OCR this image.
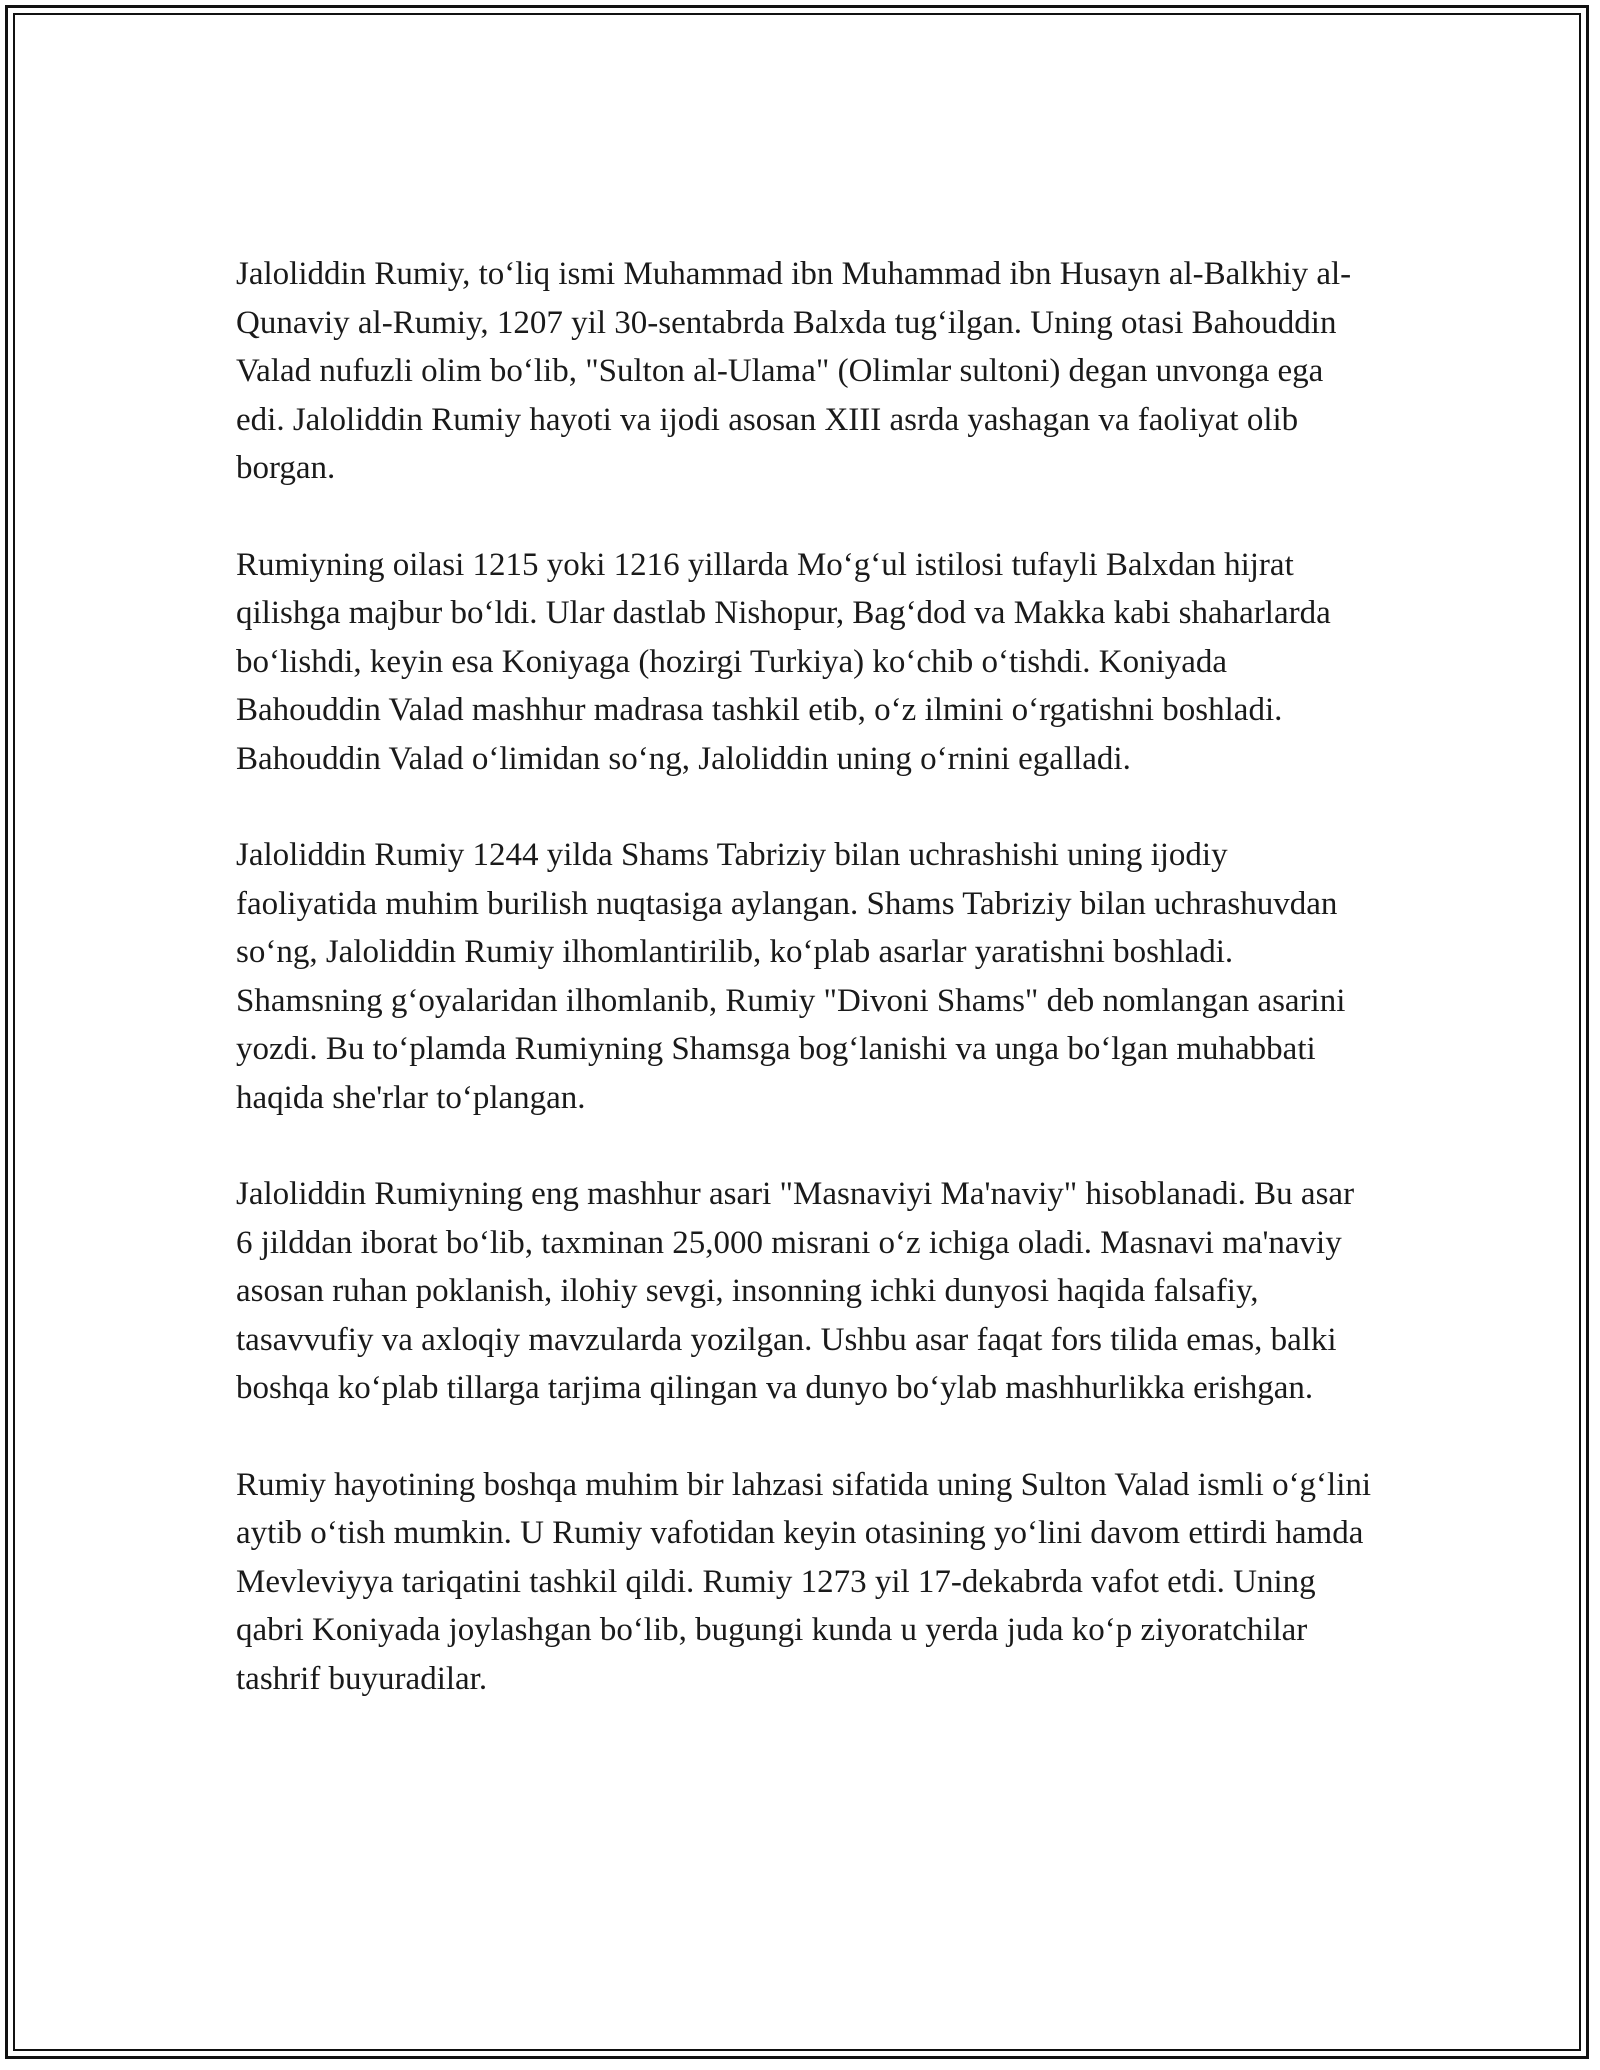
Jaloliddin Rumiy, to‘liq ismi Muhammad ibn Muhammad ibn Husayn al-Balkhiy al-Qunaviy al-Rumiy, 1207 yil 30-sentabrda Balxda tug‘ilgan. Uning otasi Bahouddin Valad nufuzli olim bo‘lib, "Sulton al-Ulama" (Olimlar sultoni) degan unvonga ega edi. Jaloliddin Rumiy hayoti va ijodi asosan XIII asrda yashagan va faoliyat olib borgan.

Rumiyning oilasi 1215 yoki 1216 yillarda Mo‘g‘ul istilosi tufayli Balxdan hijrat qilishga majbur bo‘ldi. Ular dastlab Nishopur, Bag‘dod va Makka kabi shaharlarda bo‘lishdi, keyin esa Koniyaga (hozirgi Turkiya) ko‘chib o‘tishdi. Koniyada Bahouddin Valad mashhur madrasa tashkil etib, o‘z ilmini o‘rgatishni boshladi. Bahouddin Valad o‘limidan so‘ng, Jaloliddin uning o‘rnini egalladi.

Jaloliddin Rumiy 1244 yilda Shams Tabriziy bilan uchrashishi uning ijodiy faoliyatida muhim burilish nuqtasiga aylangan. Shams Tabriziy bilan uchrashuvdan so‘ng, Jaloliddin Rumiy ilhomlantirilib, ko‘plab asarlar yaratishni boshladi. Shamsning g‘oyalaridan ilhomlanib, Rumiy "Divoni Shams" deb nomlangan asarini yozdi. Bu to‘plamda Rumiyning Shamsga bog‘lanishi va unga bo‘lgan muhabbati haqida she'rlar to‘plangan.

Jaloliddin Rumiyning eng mashhur asari "Masnaviyi Ma'naviy" hisoblanadi. Bu asar 6 jilddan iborat bo‘lib, taxminan 25,000 misrani o‘z ichiga oladi. Masnavi ma'naviy asosan ruhan poklanish, ilohiy sevgi, insonning ichki dunyosi haqida falsafiy, tasavvufiy va axloqiy mavzularda yozilgan. Ushbu asar faqat fors tilida emas, balki boshqa ko‘plab tillarga tarjima qilingan va dunyo bo‘ylab mashhurlikka erishgan.

Rumiy hayotining boshqa muhim bir lahzasi sifatida uning Sulton Valad ismli o‘g‘lini aytib o‘tish mumkin. U Rumiy vafotidan keyin otasining yo‘lini davom ettirdi hamda Mevleviyya tariqatini tashkil qildi. Rumiy 1273 yil 17-dekabrda vafot etdi. Uning qabri Koniyada joylashgan bo‘lib, bugungi kunda u yerda juda ko‘p ziyoratchilar tashrif buyuradilar.
